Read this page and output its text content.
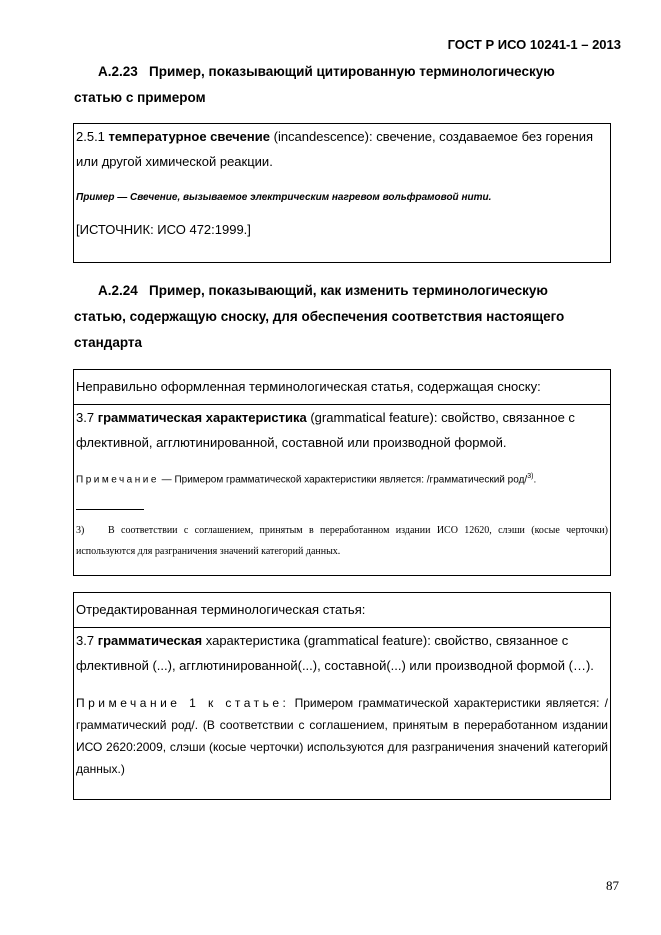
ГОСТ Р ИСО 10241-1 – 2013
А.2.23 Пример, показывающий цитированную терминологическую
статью с примером
2.5.1 температурное свечение (incandescence): свечение, создаваемое без горения
или другой химической реакции.
Пример — Свечение, вызываемое электрическим нагревом вольфрамовой нити.
[ИСТОЧНИК: ИСО 472:1999.]
А.2.24 Пример, показывающий, как изменить терминологическую
статью, содержащую сноску, для обеспечения соответствия настоящего
стандарта
Неправильно оформленная терминологическая статья, содержащая сноску:
3.7 грамматическая характеристика (grammatical feature): свойство, связанное с
флективной, агглютинированной, составной или производной формой.
Примечание — Примером грамматической характеристики является: /грамматический род/$^{3)}$.
3) В соответствии с соглашением, принятым в переработанном издании ИСО 12620, слэши (косые черточки) используются для разграничения значений категорий данных.
Отредактированная терминологическая статья:
3.7 грамматическая характеристика (grammatical feature): свойство, связанное с
флективной (...), агглютинированной(...), составной(...) или производной формой (…).
Примечание 1 к статье: Примером грамматической характеристики является: /грамматический род/. (В соответствии с соглашением, принятым в переработанном издании ИСО 2620:2009, слэши (косые черточки) используются для разграничения значений категорий данных.)
87
